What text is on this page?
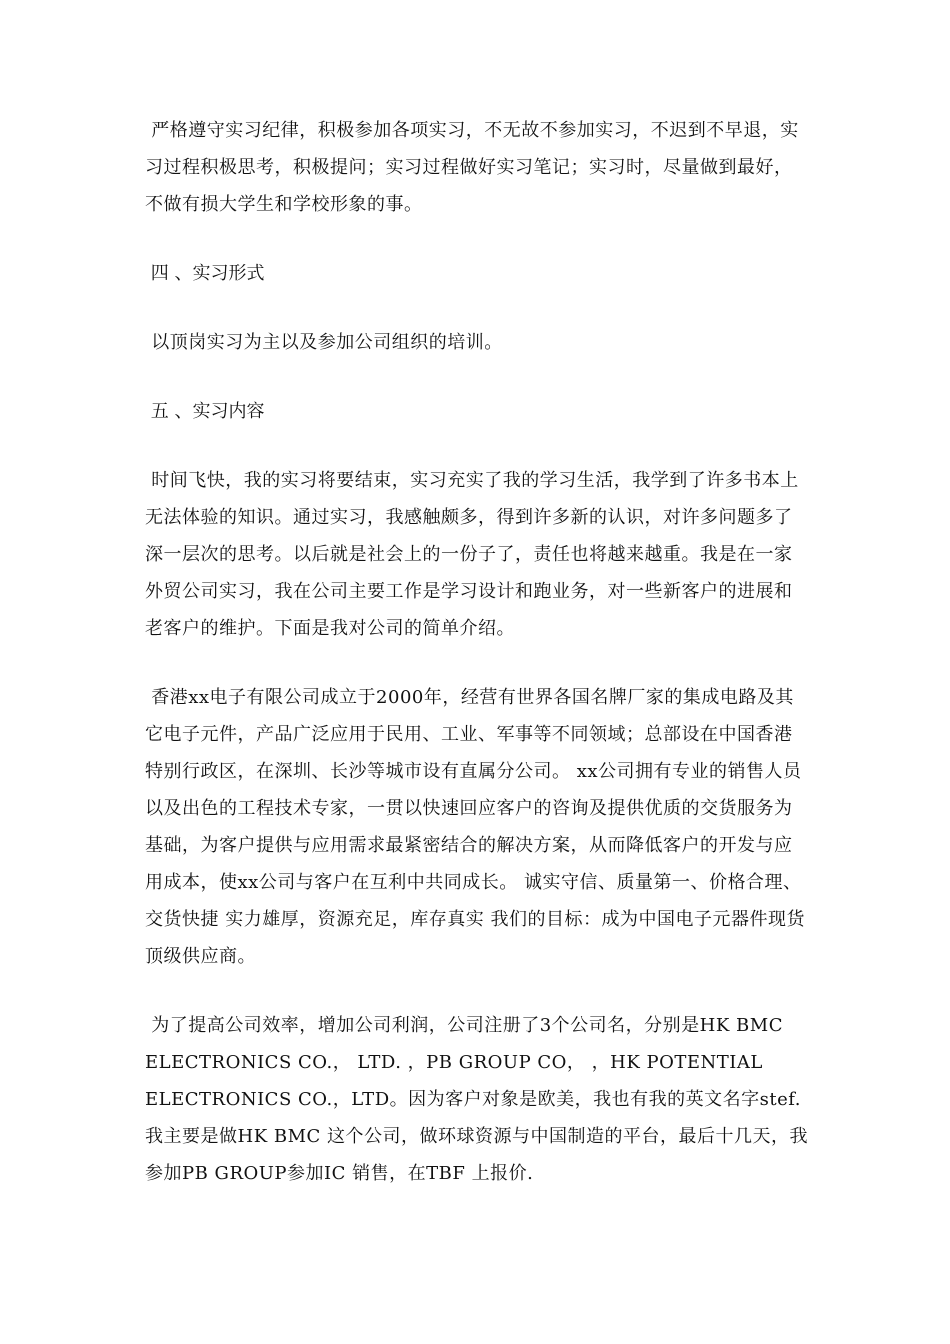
严格遵守实习纪律，积极参加各项实习，不无故不参加实习，不迟到不早退，实习过程积极思考，积极提问；实习过程做好实习笔记；实习时，尽量做到最好，不做有损大学生和学校形象的事。

四 、实习形式

以顶岗实习为主以及参加公司组织的培训。

五 、实习内容

时间飞快，我的实习将要结束，实习充实了我的学习生活，我学到了许多书本上无法体验的知识。通过实习，我感触颇多，得到许多新的认识，对许多问题多了深一层次的思考。以后就是社会上的一份子了，责任也将越来越重。我是在一家外贸公司实习，我在公司主要工作是学习设计和跑业务，对一些新客户的进展和老客户的维护。下面是我对公司的简单介绍。

香港xx电子有限公司成立于2000年，经营有世界各国名牌厂家的集成电路及其它电子元件，产品广泛应用于民用、工业、军事等不同领域；总部设在中国香港特别行政区，在深圳、长沙等城市设有直属分公司。 xx公司拥有专业的销售人员以及出色的工程技术专家，一贯以快速回应客户的咨询及提供优质的交货服务为基础，为客户提供与应用需求最紧密结合的解决方案，从而降低客户的开发与应用成本，使xx公司与客户在互利中共同成长。 诚实守信、质量第一、价格合理、交货快捷 实力雄厚，资源充足，库存真实 我们的目标：成为中国电子元器件现货顶级供应商。

为了提高公司效率，增加公司利润，公司注册了3个公司名，分别是HK BMC ELECTRONICS CO.， LTD. ，PB GROUP CO， ，HK POTENTIAL ELECTRONICS CO.，LTD。因为客户对象是欧美，我也有我的英文名字stef.我主要是做HK BMC 这个公司，做环球资源与中国制造的平台，最后十几天，我参加PB GROUP参加IC 销售，在TBF 上报价.
